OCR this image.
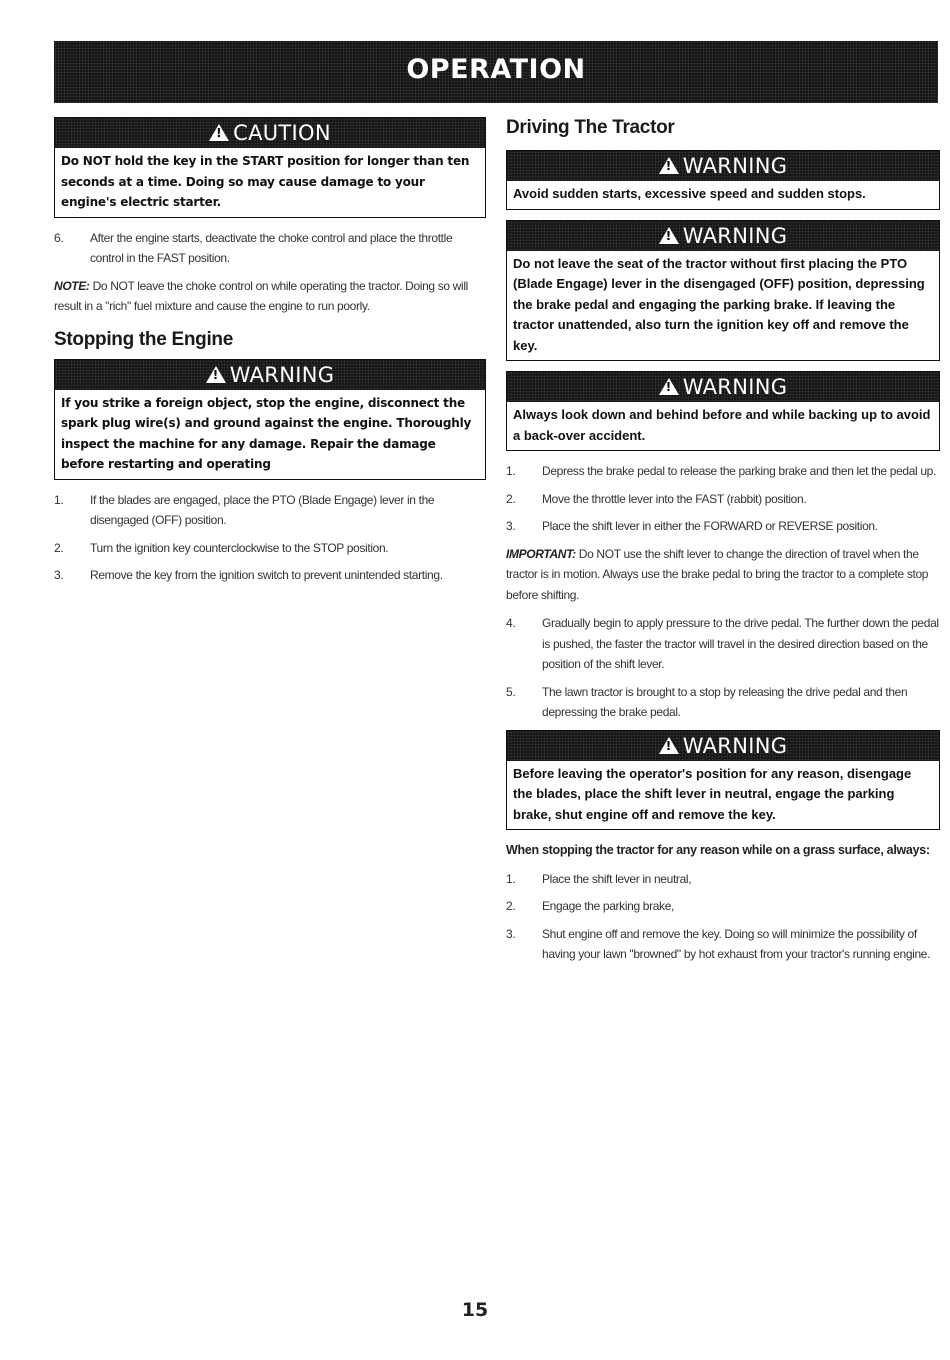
OPERATION
!CAUTION
Do NOT hold the key in the START position for longer than ten seconds at a time. Doing so may cause damage to your engine's electric starter.
6.	After the engine starts, deactivate the choke control and place the throttle control in the FAST position.
NOTE: Do NOT leave the choke control on while operating the tractor. Doing so will result in a "rich" fuel mixture and cause the engine to run poorly.
Stopping the Engine
!WARNING
If you strike a foreign object, stop the engine, disconnect the spark plug wire(s) and ground against the engine. Thoroughly inspect the machine for any damage. Repair the damage before restarting and operating
1.	If the blades are engaged, place the PTO (Blade Engage) lever in the disengaged (OFF) position.
2.	Turn the ignition key counterclockwise to the STOP position.
3.	Remove the key from the ignition switch to prevent unintended starting.
Driving The Tractor
!WARNING
Avoid sudden starts, excessive speed and sudden stops.
!WARNING
Do not leave the seat of the tractor without first placing the PTO (Blade Engage) lever in the disengaged (OFF) position, depressing the brake pedal and engaging the parking brake. If leaving the tractor unattended, also turn the ignition key off and remove the key.
!WARNING
Always look down and behind before and while backing up to avoid a back-over accident.
1.	Depress the brake pedal to release the parking brake and then let the pedal up.
2.	Move the throttle lever into the FAST (rabbit) position.
3.	Place the shift lever in either the FORWARD or REVERSE position.
IMPORTANT: Do NOT use the shift lever to change the direction of travel when the tractor is in motion. Always use the brake pedal to bring the tractor to a complete stop before shifting.
4.	Gradually begin to apply pressure to the drive pedal. The further down the pedal is pushed, the faster the tractor will travel in the desired direction based on the position of the shift lever.
5.	The lawn tractor is brought to a stop by releasing the drive pedal and then depressing the brake pedal.
!WARNING
Before leaving the operator's position for any reason, disengage the blades, place the shift lever in neutral, engage the parking brake, shut engine off and remove the key.
When stopping the tractor for any reason while on a grass surface, always:
1.	Place the shift lever in neutral,
2.	Engage the parking brake,
3.	Shut engine off and remove the key. Doing so will minimize the possibility of having your lawn "browned" by hot exhaust from your tractor's running engine.
15
